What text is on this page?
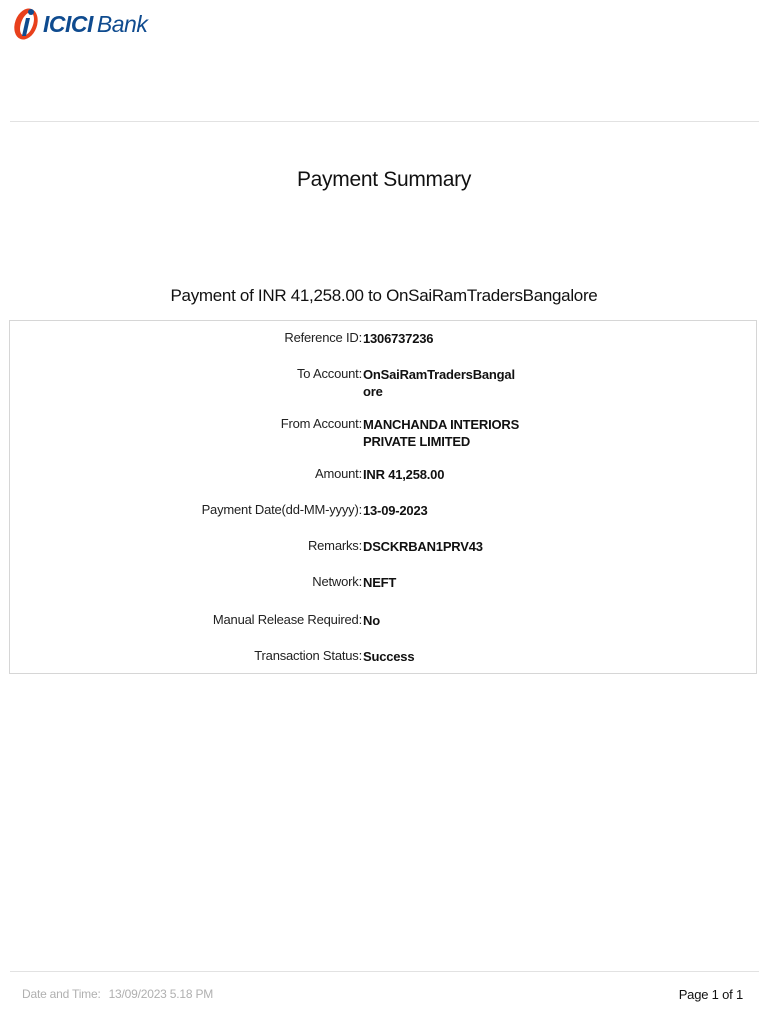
ICICI Bank
Payment Summary
Payment of INR 41,258.00 to OnSaiRamTradersBangalore
Reference ID: 1306737236
To Account: OnSaiRamTradersBangal ore
From Account: MANCHANDA INTERIORS PRIVATE LIMITED
Amount: INR 41,258.00
Payment Date(dd-MM-yyyy): 13-09-2023
Remarks: DSCKRBAN1PRV43
Network: NEFT
Manual Release Required: No
Transaction Status: Success
Date and Time: 13/09/2023 5.18 PM	Page 1 of 1
